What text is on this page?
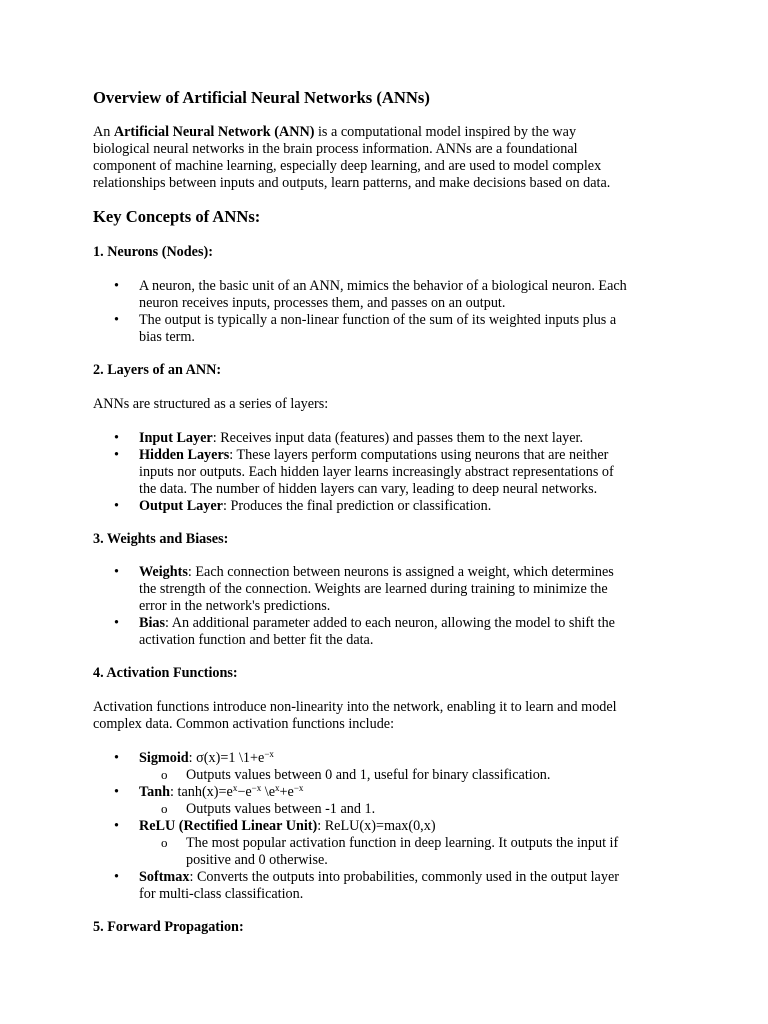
Overview of Artificial Neural Networks (ANNs)

An Artificial Neural Network (ANN) is a computational model inspired by the way
biological neural networks in the brain process information. ANNs are a foundational
component of machine learning, especially deep learning, and are used to model complex
relationships between inputs and outputs, learn patterns, and make decisions based on data.

Key Concepts of ANNs:
1. Neurons (Nodes):
• A neuron, the basic unit of an ANN, mimics the behavior of a biological neuron. Each
neuron receives inputs, processes them, and passes on an output.
• The output is typically a non-linear function of the sum of its weighted inputs plus a
bias term.
2. Layers of an ANN:

ANNs are structured as a series of layers:

• Input Layer: Receives input data (features) and passes them to the next layer.
• Hidden Layers: These layers perform computations using neurons that are neither
inputs nor outputs. Each hidden layer learns increasingly abstract representations of
the data. The number of hidden layers can vary, leading to deep neural networks.
• Output Layer: Produces the final prediction or classification.
3. Weights and Biases:
• Weights: Each connection between neurons is assigned a weight, which determines
the strength of the connection. Weights are learned during training to minimize the
error in the network's predictions.
• Bias: An additional parameter added to each neuron, allowing the model to shift the
activation function and better fit the data.
4. Activation Functions:

Activation functions introduce non-linearity into the network, enabling it to learn and model
complex data. Common activation functions include:

• Sigmoid: σ(x)=1 $\backslash 1+e^{-x}$
o Outputs values between 0 and 1, useful for binary classification.
• Tanh: $\tanh(x)=e^x-e^{-x}$ $\backslash e^x+e^{-x}$
o Outputs values between -1 and 1.
• ReLU (Rectified Linear Unit): ReLU(x)=max(0,x)
o The most popular activation function in deep learning. It outputs the input if
positive and 0 otherwise.
• Softmax: Converts the outputs into probabilities, commonly used in the output layer
for multi-class classification.
5. Forward Propagation:
